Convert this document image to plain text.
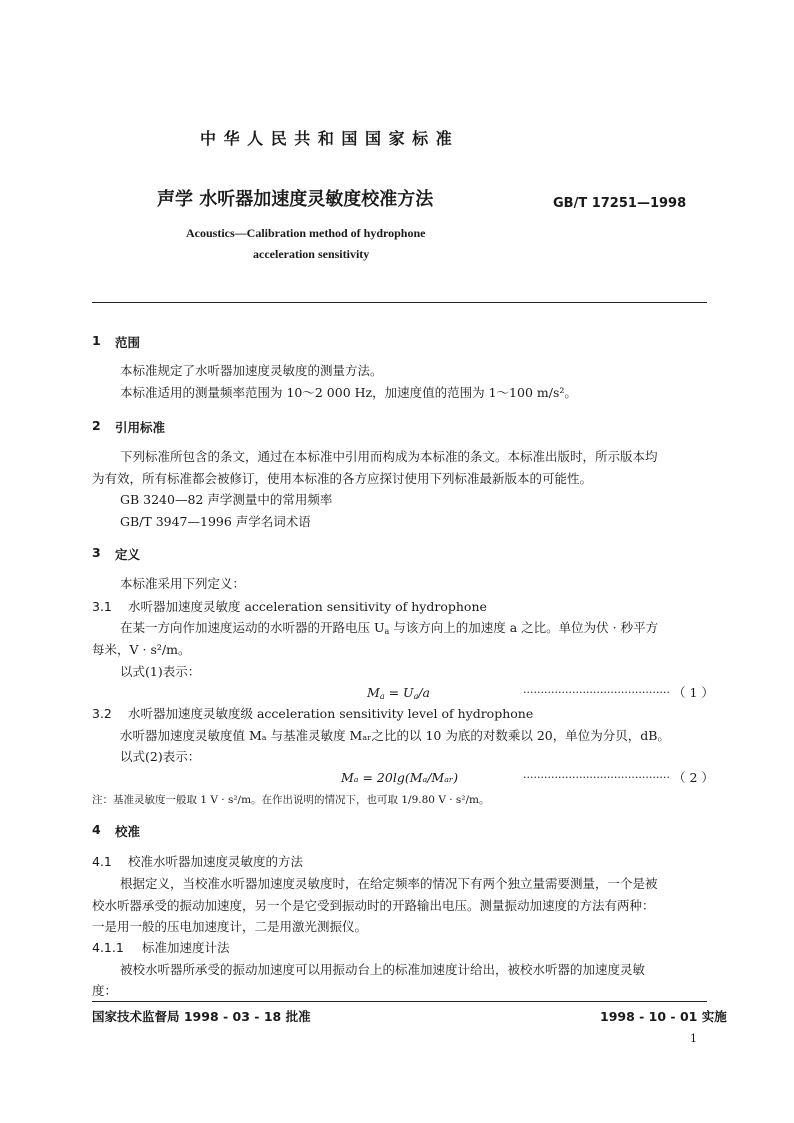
中 华 人 民 共 和 国 国 家 标 准
声学 水听器加速度灵敏度校准方法	GB/T 17251—1998
Acoustics—Calibration method of hydrophone
acceleration sensitivity
1 范围
本标准规定了水听器加速度灵敏度的测量方法。
本标准适用的测量频率范围为 10～2 000 Hz，加速度值的范围为 1～100 m/s²。
2 引用标准
下列标准所包含的条文，通过在本标准中引用而构成为本标准的条文。本标准出版时，所示版本均
为有效，所有标准都会被修订，使用本标准的各方应探讨使用下列标准最新版本的可能性。
GB 3240—82 声学测量中的常用频率
GB/T 3947—1996 声学名词术语
3 定义
本标准采用下列定义：
3.1 水听器加速度灵敏度 acceleration sensitivity of hydrophone
在某一方向作加速度运动的水听器的开路电压 $U_a$ 与该方向上的加速度 a 之比。单位为伏 · 秒平方
每米，V · s²/m。
以式(1)表示：
$M_a = U_a/a$	·········································· （ 1 ）
3.2 水听器加速度灵敏度级 acceleration sensitivity level of hydrophone
水听器加速度灵敏度值 Mₐ 与基准灵敏度 Mₐᵣ之比的以 10 为底的对数乘以 20，单位为分贝，dB。
以式(2)表示：
Mₐ = 20lg(Mₐ/Mₐᵣ)	·········································· （ 2 ）
注：基准灵敏度一般取 1 V · s²/m。在作出说明的情况下，也可取 1/9.80 V · s²/m。
4 校准
4.1 校准水听器加速度灵敏度的方法
根据定义，当校准水听器加速度灵敏度时，在给定频率的情况下有两个独立量需要测量，一个是被
校水听器承受的振动加速度，另一个是它受到振动时的开路输出电压。测量振动加速度的方法有两种：
一是用一般的压电加速度计，二是用激光测振仪。
4.1.1 标准加速度计法
被校水听器所承受的振动加速度可以用振动台上的标准加速度计给出，被校水听器的加速度灵敏
度：
国家技术监督局 1998 - 03 - 18 批准	1998 - 10 - 01 实施
1
